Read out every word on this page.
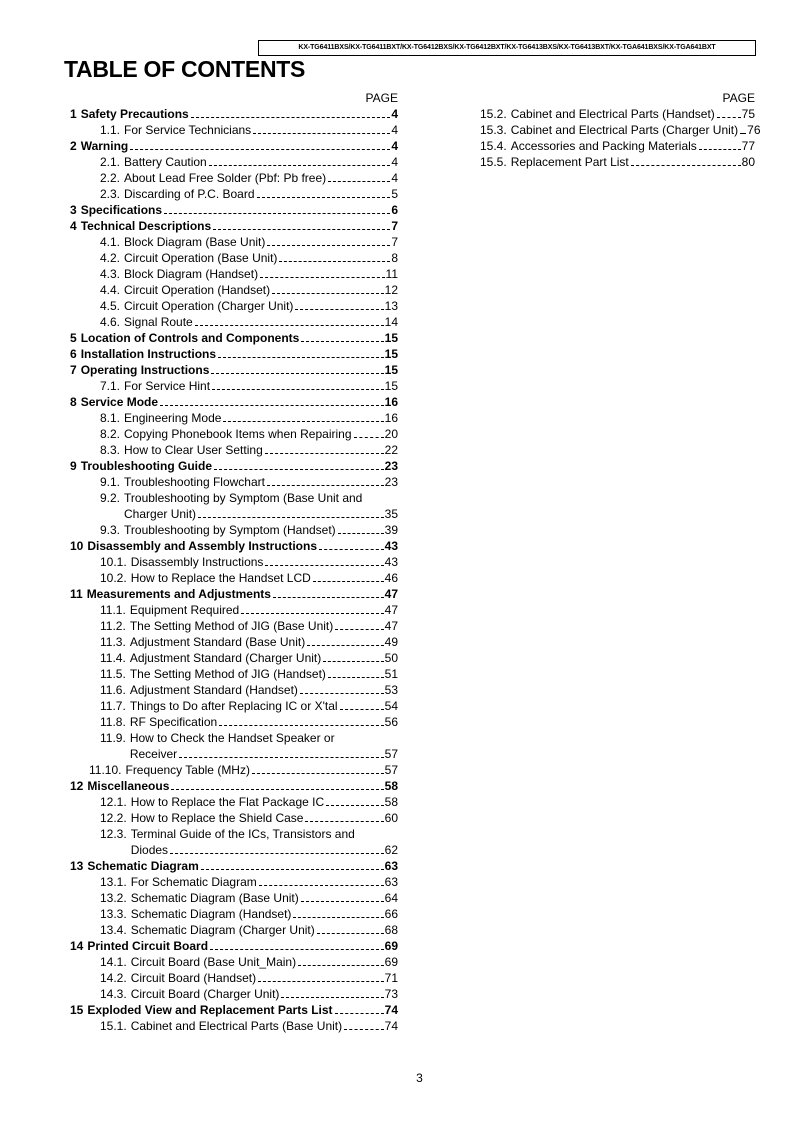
KX-TG6411BXS/KX-TG6411BXT/KX-TG6412BXS/KX-TG6412BXT/KX-TG6413BXS/KX-TG6413BXT/KX-TGA641BXS/KX-TGA641BXT
TABLE OF CONTENTS
PAGE
1 Safety Precautions	4
1.1. For Service Technicians	4
2 Warning	4
2.1. Battery Caution	4
2.2. About Lead Free Solder (Pbf: Pb free)	4
2.3. Discarding of P.C. Board	5
3 Specifications	6
4 Technical Descriptions	7
4.1. Block Diagram (Base Unit)	7
4.2. Circuit Operation (Base Unit)	8
4.3. Block Diagram (Handset)	11
4.4. Circuit Operation (Handset)	12
4.5. Circuit Operation (Charger Unit)	13
4.6. Signal Route	14
5 Location of Controls and Components	15
6 Installation Instructions	15
7 Operating Instructions	15
7.1. For Service Hint	15
8 Service Mode	16
8.1. Engineering Mode	16
8.2. Copying Phonebook Items when Repairing	20
8.3. How to Clear User Setting	22
9 Troubleshooting Guide	23
9.1. Troubleshooting Flowchart	23
9.2. Troubleshooting by Symptom (Base Unit and
Charger Unit)	35
9.3. Troubleshooting by Symptom (Handset)	39
10 Disassembly and Assembly Instructions	43
10.1. Disassembly Instructions	43
10.2. How to Replace the Handset LCD	46
11 Measurements and Adjustments	47
11.1. Equipment Required	47
11.2. The Setting Method of JIG (Base Unit)	47
11.3. Adjustment Standard (Base Unit)	49
11.4. Adjustment Standard (Charger Unit)	50
11.5. The Setting Method of JIG (Handset)	51
11.6. Adjustment Standard (Handset)	53
11.7. Things to Do after Replacing IC or X'tal	54
11.8. RF Specification	56
11.9. How to Check the Handset Speaker or
Receiver	57
11.10. Frequency Table (MHz)	57
12 Miscellaneous	58
12.1. How to Replace the Flat Package IC	58
12.2. How to Replace the Shield Case	60
12.3. Terminal Guide of the ICs, Transistors and
Diodes	62
13 Schematic Diagram	63
13.1. For Schematic Diagram	63
13.2. Schematic Diagram (Base Unit)	64
13.3. Schematic Diagram (Handset)	66
13.4. Schematic Diagram (Charger Unit)	68
14 Printed Circuit Board	69
14.1. Circuit Board (Base Unit_Main)	69
14.2. Circuit Board (Handset)	71
14.3. Circuit Board (Charger Unit)	73
15 Exploded View and Replacement Parts List	74
15.1. Cabinet and Electrical Parts (Base Unit)	74
PAGE
15.2. Cabinet and Electrical Parts (Handset) 75
15.3. Cabinet and Electrical Parts (Charger Unit) 76
15.4. Accessories and Packing Materials	77
15.5. Replacement Part List	80
3
